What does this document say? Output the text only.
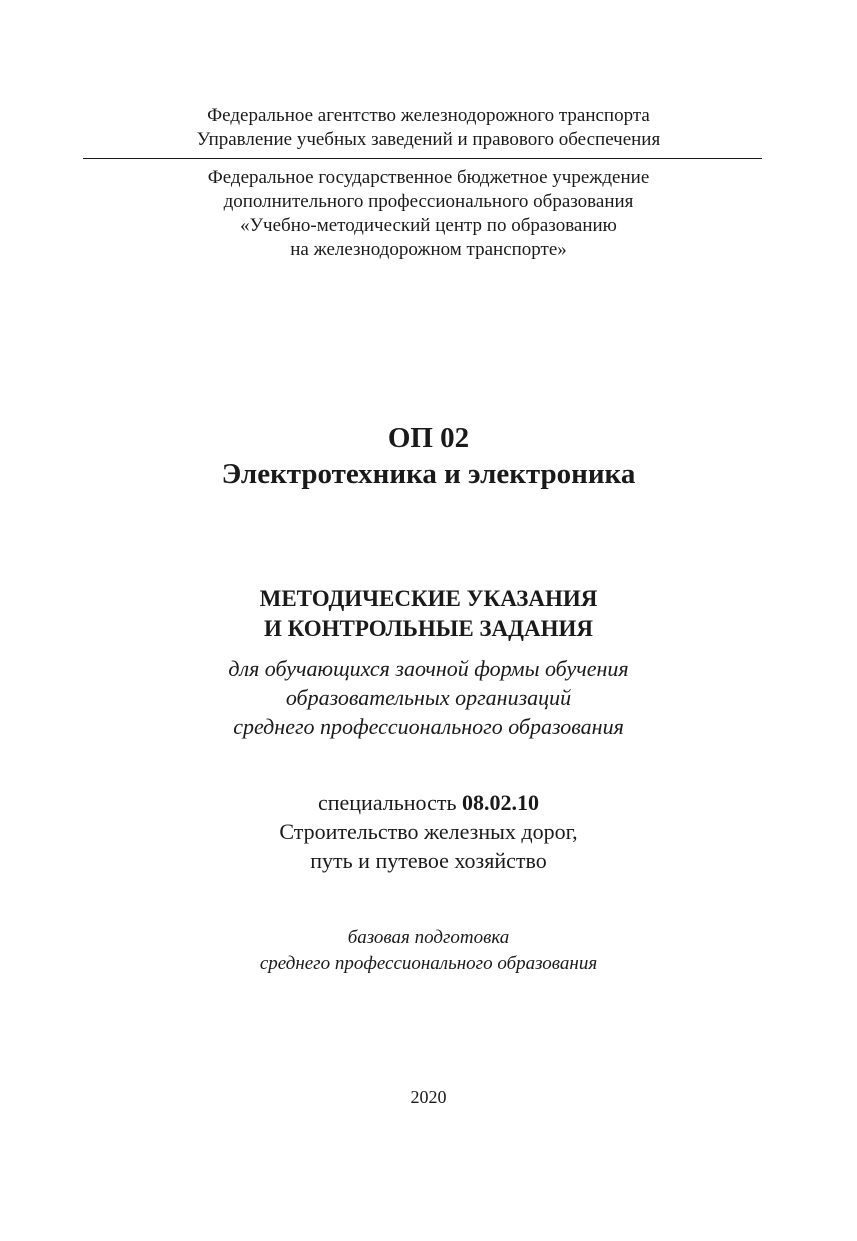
Федеральное агентство железнодорожного транспорта
Управление учебных заведений и правового обеспечения
Федеральное государственное бюджетное учреждение
дополнительного профессионального образования
«Учебно-методический центр по образованию
на железнодорожном транспорте»
ОП 02
Электротехника и электроника
МЕТОДИЧЕСКИЕ УКАЗАНИЯ
И КОНТРОЛЬНЫЕ ЗАДАНИЯ
для обучающихся заочной формы обучения
образовательных организаций
среднего профессионального образования
специальность 08.02.10
Строительство железных дорог,
путь и путевое хозяйство
базовая подготовка
среднего профессионального образования
2020
